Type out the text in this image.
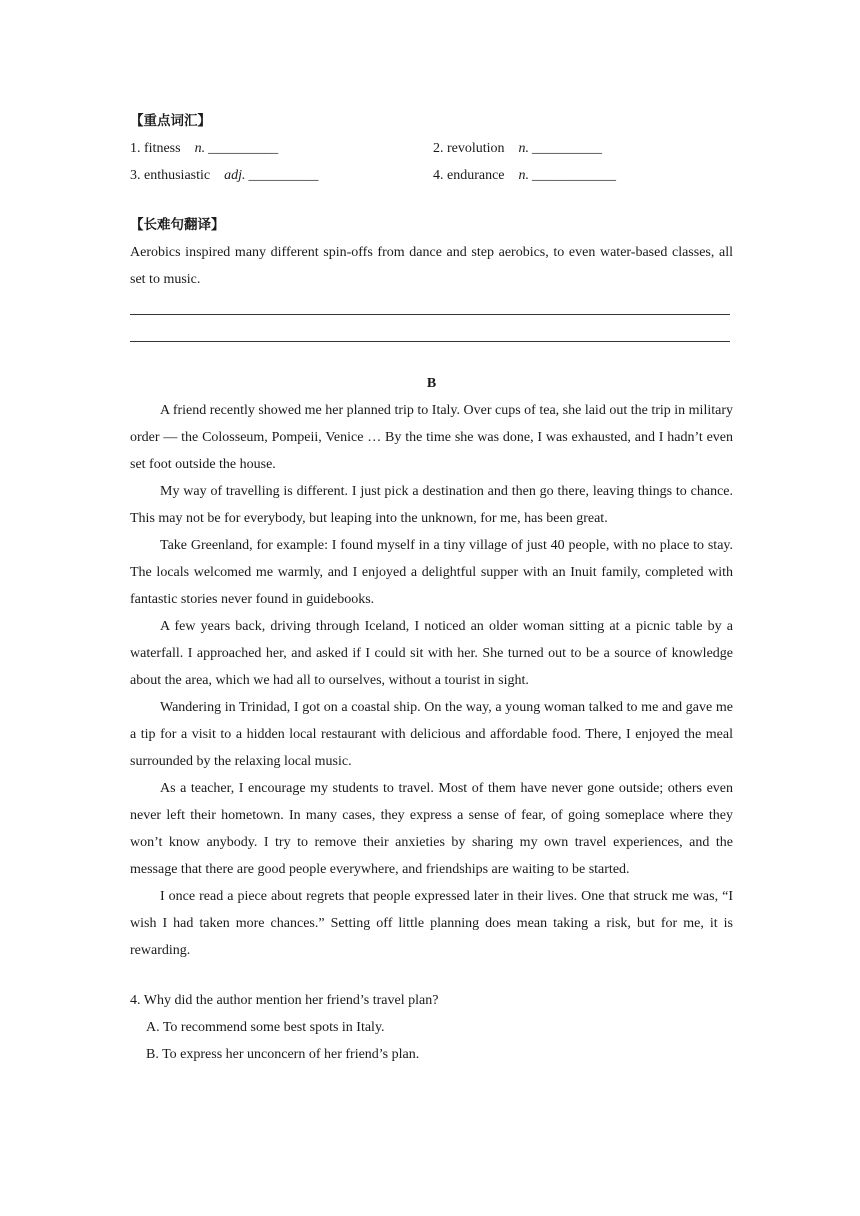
【重点词汇】

1. fitness n. __________	2. revolution n. __________
3. enthusiastic adj. __________	4. endurance n. ____________

【长难句翻译】

Aerobics inspired many different spin-offs from dance and step aerobics, to even water-based classes, all set to music.

B

A friend recently showed me her planned trip to Italy. Over cups of tea, she laid out the trip in military order — the Colosseum, Pompeii, Venice … By the time she was done, I was exhausted, and I hadn’t even set foot outside the house.

My way of travelling is different. I just pick a destination and then go there, leaving things to chance. This may not be for everybody, but leaping into the unknown, for me, has been great.

Take Greenland, for example: I found myself in a tiny village of just 40 people, with no place to stay. The locals welcomed me warmly, and I enjoyed a delightful supper with an Inuit family, completed with fantastic stories never found in guidebooks.

A few years back, driving through Iceland, I noticed an older woman sitting at a picnic table by a waterfall. I approached her, and asked if I could sit with her. She turned out to be a source of knowledge about the area, which we had all to ourselves, without a tourist in sight.

Wandering in Trinidad, I got on a coastal ship. On the way, a young woman talked to me and gave me a tip for a visit to a hidden local restaurant with delicious and affordable food. There, I enjoyed the meal surrounded by the relaxing local music.

As a teacher, I encourage my students to travel. Most of them have never gone outside; others even never left their hometown. In many cases, they express a sense of fear, of going someplace where they won’t know anybody. I try to remove their anxieties by sharing my own travel experiences, and the message that there are good people everywhere, and friendships are waiting to be started.

I once read a piece about regrets that people expressed later in their lives. One that struck me was, “I wish I had taken more chances.” Setting off little planning does mean taking a risk, but for me, it is rewarding.

4. Why did the author mention her friend’s travel plan?

A. To recommend some best spots in Italy.

B. To express her unconcern of her friend’s plan.
